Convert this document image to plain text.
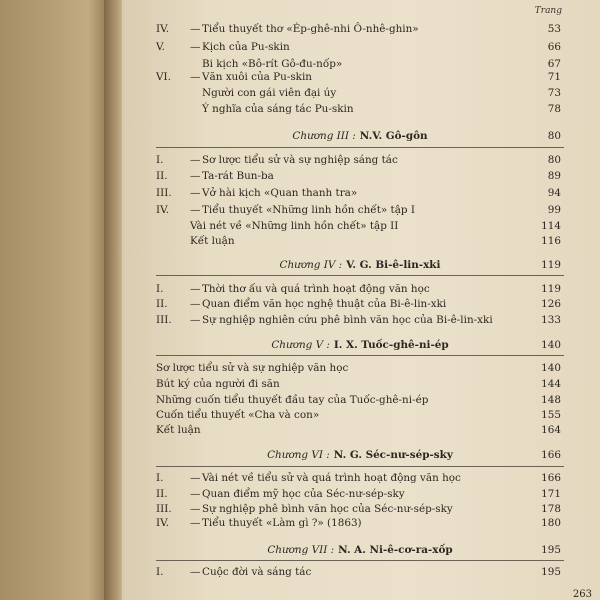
Trang
IV.	— Tiểu thuyết thơ «Ép-ghê-nhi Ô-nhê-ghin»	53
V.	— Kịch của Pu-skin	66
Bi kịch «Bô-rít Gô-đu-nốp»	67
VI.	— Văn xuôi của Pu-skin	71
Người con gái viên đại úy	73
Ý nghĩa của sáng tác Pu-skin	78
Chương III : N.V. Gô-gôn	80
I.	— Sơ lược tiểu sử và sự nghiệp sáng tác	80
II.	— Ta-rát Bun-ba	89
III.	— Vở hài kịch «Quan thanh tra»	94
IV.	— Tiểu thuyết «Những linh hồn chết» tập I	99
Vài nét về «Những linh hồn chết» tập II	114
Kết luận	116
Chương IV : V. G. Bi-ê-lin-xki	119
I.	— Thời thơ ấu và quá trình hoạt động văn học	119
II.	— Quan điểm văn học nghệ thuật của Bi-ê-lin-xki	126
III.	— Sự nghiệp nghiên cứu phê bình văn học của Bi-ê-lin-xki	133
Chương V : I. X. Tuốc-ghê-ni-ép	140
Sơ lược tiểu sử và sự nghiệp văn học	140
Bút ký của người đi săn	144
Những cuốn tiểu thuyết đầu tay của Tuốc-ghê-ni-ép	148
Cuốn tiểu thuyết «Cha và con»	155
Kết luận	164
Chương VI : N. G. Séc-nư-sép-sky	166
I.	— Vài nét về tiểu sử và quá trình hoạt động văn học	166
II.	— Quan điểm mỹ học của Séc-nư-sép-sky	171
III.	— Sự nghiệp phê bình văn học của Séc-nư-sép-sky	178
IV.	— Tiểu thuyết «Làm gì ?» (1863)	180
Chương VII : N. A. Ni-ê-cơ-ra-xốp	195
I.	— Cuộc đời và sáng tác	195
263
